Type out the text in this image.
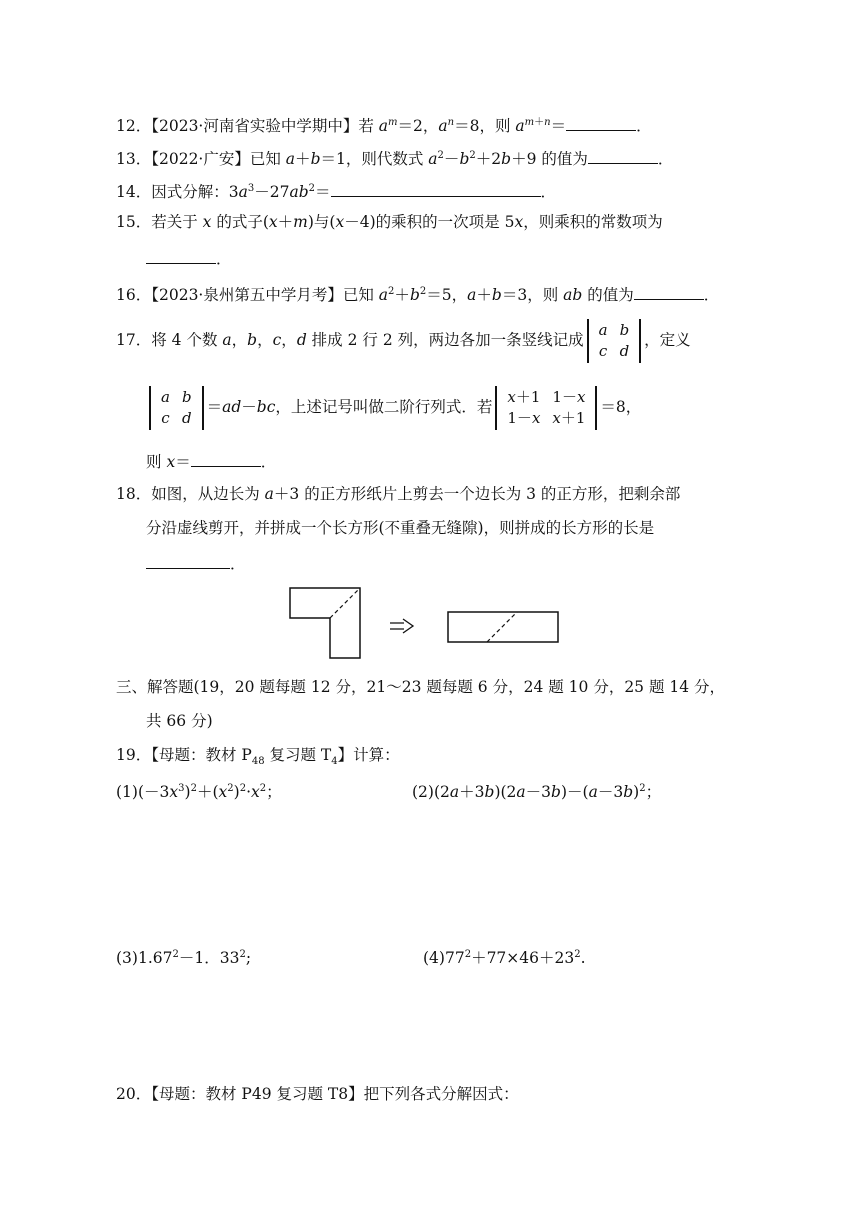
12．【2023·河南省实验中学期中】若 $a^m=2$，$a^n=8$，则 $a^{m+n}=$	．
13．【2022·广安】已知 a＋b＝1，则代数式 $a^2-b^2+2b+9$ 的值为	．
14．因式分解：$3a^3-27ab^2=$	．
15．若关于 x 的式子(x＋m)与(x－4)的乘积的一次项是 5x，则乘积的常数项为
．
16．【2023·泉州第五中学月考】已知 $a^2+b^2=5$，a＋b＝3，则 ab 的值为	．
17．将 4 个数 a，b，c，d 排成 2 行 2 列，两边各加一条竖线记成
a	b
c	d
，定义
a	b
c	d
＝ad－bc，上述记号叫做二阶行列式．若
x＋1	1－x
1－x	x＋1
＝8，
则 x＝	．
18．如图，从边长为 a＋3 的正方形纸片上剪去一个边长为 3 的正方形，把剩余部
分沿虚线剪开，并拼成一个长方形(不重叠无缝隙)，则拼成的长方形的长是
．
三、解答题(19，20 题每题 12 分，21～23 题每题 6 分，24 题 10 分，25 题 14 分，
共 66 分)
19．【母题：教材 $P_{48}$ 复习题 $T_4$】计算：
$(1)(-3x^3)^2+(x^2)^2\cdot x^2$；	$(2)(2a+3b)(2a-3b)-(a-3b)^2$；
$(3)1.67^2-1$．$33^2$;	$(4)77^2+77\times 46+23^2$.
20．【母题：教材 P49 复习题 T8】把下列各式分解因式：
